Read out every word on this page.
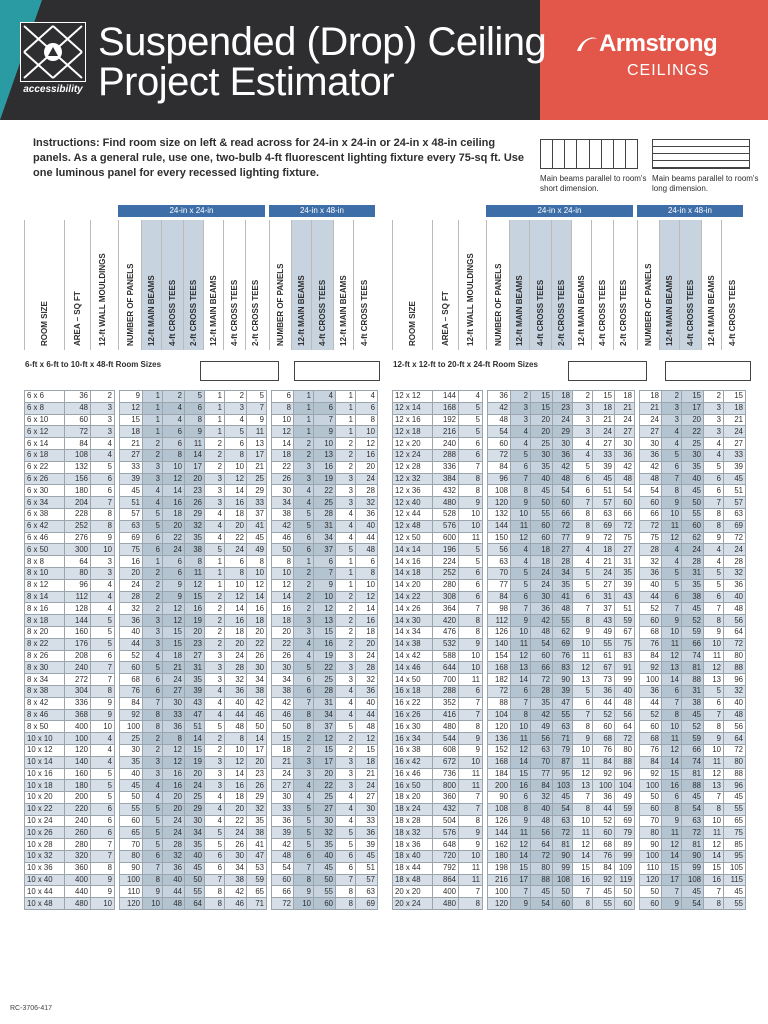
accessibility
Suspended (Drop) Ceiling
Project Estimator
Armstrong
CEILINGS
Instructions: Find room size on left & read across for 24-in x 24-in or 24-in x 48-in ceiling panels. As a general rule, use one, two-bulb 4-ft fluorescent lighting fixture every 75-sq ft. Use one luminous panel for every recessed lighting fixture.	Main beams parallel to room's short dimension.
Main beams parallel to room's long dimension.
24-in x 24-in	24-in x 48-in
ROOM SIZE	AREA – SQ FT 12-ft WALL MOULDINGS NUMBER OF PANELS 12-ft MAIN BEAMS 4-ft CROSS TEES 2-ft CROSS TEES 12-ft MAIN BEAMS 4-ft CROSS TEES 2-ft CROSS TEES NUMBER OF PANELS 12-ft MAIN BEAMS 4-ft CROSS TEES 12-ft MAIN BEAMS 4-ft CROSS TEES
24-in x 24-in	24-in x 48-in
ROOM SIZE	AREA – SQ FT 12-ft WALL MOULDINGS NUMBER OF PANELS 12-ft MAIN BEAMS 4-ft CROSS TEES 2-ft CROSS TEES 12-ft MAIN BEAMS 4-ft CROSS TEES 2-ft CROSS TEES NUMBER OF PANELS 12-ft MAIN BEAMS 4-ft CROSS TEES 12-ft MAIN BEAMS 4-ft CROSS TEES
6-ft x 6-ft to 10-ft x 48-ft Room Sizes	12-ft x 12-ft to 20-ft x 24-ft Room Sizes
6 x 6	36	2		9	1	2	5	1	2	5		6	1	4	1	4
6 x 8	48	3		12	1	4	6	1	3	7		8	1	6	1	6
6 x 10	60	3		15	1	4	8	1	4	9		10	1	7	1	8
6 x 12	72	3		18	1	6	9	1	5	11		12	1	9	1	10
6 x 14	84	4		21	2	6	11	2	6	13		14	2	10	2	12
6 x 18	108	4		27	2	8	14	2	8	17		18	2	13	2	16
6 x 22	132	5		33	3	10	17	2	10	21		22	3	16	2	20
6 x 26	156	6		39	3	12	20	3	12	25		26	3	19	3	24
6 x 30	180	6		45	4	14	23	3	14	29		30	4	22	3	28
6 x 34	204	7		51	4	16	26	3	16	33		34	4	25	3	32
6 x 38	228	8		57	5	18	29	4	18	37		38	5	28	4	36
6 x 42	252	8		63	5	20	32	4	20	41		42	5	31	4	40
6 x 46	276	9		69	6	22	35	4	22	45		46	6	34	4	44
6 x 50	300	10		75	6	24	38	5	24	49		50	6	37	5	48
8 x 8	64	3		16	1	6	8	1	6	8		8	1	6	1	6
8 x 10	80	3		20	2	6	11	1	8	10		10	2	7	1	8
8 x 12	96	4		24	2	9	12	1	10	12		12	2	9	1	10
8 x 14	112	4		28	2	9	15	2	12	14		14	2	10	2	12
8 x 16	128	4		32	2	12	16	2	14	16		16	2	12	2	14
8 x 18	144	5		36	3	12	19	2	16	18		18	3	13	2	16
8 x 20	160	5		40	3	15	20	2	18	20		20	3	15	2	18
8 x 22	176	5		44	3	15	23	2	20	22		22	4	16	2	20
8 x 26	208	6		52	4	18	27	3	24	26		26	4	19	3	24
8 x 30	240	7		60	5	21	31	3	28	30		30	5	22	3	28
8 x 34	272	7		68	6	24	35	3	32	34		34	6	25	3	32
8 x 38	304	8		76	6	27	39	4	36	38		38	6	28	4	36
8 x 42	336	9		84	7	30	43	4	40	42		42	7	31	4	40
8 x 46	368	9		92	8	33	47	4	44	46		46	8	34	4	44
8 x 50	400	10		100	8	36	51	5	48	50		50	8	37	5	48
10 x 10	100	4		25	2	8	14	2	8	14		15	2	12	2	12
10 x 12	120	4		30	2	12	15	2	10	17		18	2	15	2	15
10 x 14	140	4		35	3	12	19	3	12	20		21	3	17	3	18
10 x 16	160	5		40	3	16	20	3	14	23		24	3	20	3	21
10 x 18	180	5		45	4	16	24	3	16	26		27	4	22	3	24
10 x 20	200	5		50	4	20	25	4	18	29		30	4	25	4	27
10 x 22	220	6		55	5	20	29	4	20	32		33	5	27	4	30
10 x 24	240	6		60	5	24	30	4	22	35		36	5	30	4	33
10 x 26	260	6		65	5	24	34	5	24	38		39	5	32	5	36
10 x 28	280	7		70	5	28	35	5	26	41		42	5	35	5	39
10 x 32	320	7		80	6	32	40	6	30	47		48	6	40	6	45
10 x 36	360	8		90	7	36	45	6	34	53		54	7	45	6	51
10 x 40	400	9		100	8	40	50	7	38	59		60	8	50	7	57
10 x 44	440	9		110	9	44	55	8	42	65		66	9	55	8	63
10 x 48	480	10		120	10	48	64	8	46	71		72	10	60	8	69
12 x 12	144	4		36	2	15	18	2	15	18		18	2	15	2	15
12 x 14	168	5		42	3	15	23	3	18	21		21	3	17	3	18
12 x 16	192	5		48	3	20	24	3	21	24		24	3	20	3	21
12 x 18	216	5		54	4	20	29	3	24	27		27	4	22	3	24
12 x 20	240	6		60	4	25	30	4	27	30		30	4	25	4	27
12 x 24	288	6		72	5	30	36	4	33	36		36	5	30	4	33
12 x 28	336	7		84	6	35	42	5	39	42		42	6	35	5	39
12 x 32	384	8		96	7	40	48	6	45	48		48	7	40	6	45
12 x 36	432	8		108	8	45	54	6	51	54		54	8	45	6	51
12 x 40	480	9		120	9	50	60	7	57	60		60	9	50	7	57
12 x 44	528	10		132	10	55	66	8	63	66		66	10	55	8	63
12 x 48	576	10		144	11	60	72	8	69	72		72	11	60	8	69
12 x 50	600	11		150	12	60	77	9	72	75		75	12	62	9	72
14 x 14	196	5		56	4	18	27	4	18	27		28	4	24	4	24
14 x 16	224	5		63	4	18	28	4	21	31		32	4	28	4	28
14 x 18	252	6		70	5	24	34	5	24	35		36	5	31	5	32
14 x 20	280	6		77	5	24	35	5	27	39		40	5	35	5	36
14 x 22	308	6		84	6	30	41	6	31	43		44	6	38	6	40
14 x 26	364	7		98	7	36	48	7	37	51		52	7	45	7	48
14 x 30	420	8		112	9	42	55	8	43	59		60	9	52	8	56
14 x 34	476	8		126	10	48	62	9	49	67		68	10	59	9	64
14 x 38	532	9		140	11	54	69	10	55	75		76	11	66	10	72
14 x 42	588	10		154	12	60	76	11	61	83		84	12	74	11	80
14 x 46	644	10		168	13	66	83	12	67	91		92	13	81	12	88
14 x 50	700	11		182	14	72	90	13	73	99		100	14	88	13	96
16 x 18	288	6		72	6	28	39	5	36	40		36	6	31	5	32
16 x 22	352	7		88	7	35	47	6	44	48		44	7	38	6	40
16 x 26	416	7		104	8	42	55	7	52	56		52	8	45	7	48
16 x 30	480	8		120	10	49	63	8	60	64		60	10	52	8	56
16 x 34	544	9		136	11	56	71	9	68	72		68	11	59	9	64
16 x 38	608	9		152	12	63	79	10	76	80		76	12	66	10	72
16 x 42	672	10		168	14	70	87	11	84	88		84	14	74	11	80
16 x 46	736	11		184	15	77	95	12	92	96		92	15	81	12	88
16 x 50	800	11		200	16	84	103	13	100	104		100	16	88	13	96
18 x 20	360	7		90	6	32	45	7	36	49		50	6	45	7	45
18 x 24	432	7		108	8	40	54	8	44	59		60	8	54	8	55
18 x 28	504	8		126	9	48	63	10	52	69		70	9	63	10	65
18 x 32	576	9		144	11	56	72	11	60	79		80	11	72	11	75
18 x 36	648	9		162	12	64	81	12	68	89		90	12	81	12	85
18 x 40	720	10		180	14	72	90	14	76	99		100	14	90	14	95
18 x 44	792	11		198	15	80	99	15	84	109		110	15	99	15	105
18 x 48	864	11		216	17	88	108	16	92	119		120	17	108	16	115
20 x 20	400	7		100	7	45	50	7	45	50		50	7	45	7	45
20 x 24	480	8		120	9	54	60	8	55	60		60	9	54	8	55
RC-3706-417
